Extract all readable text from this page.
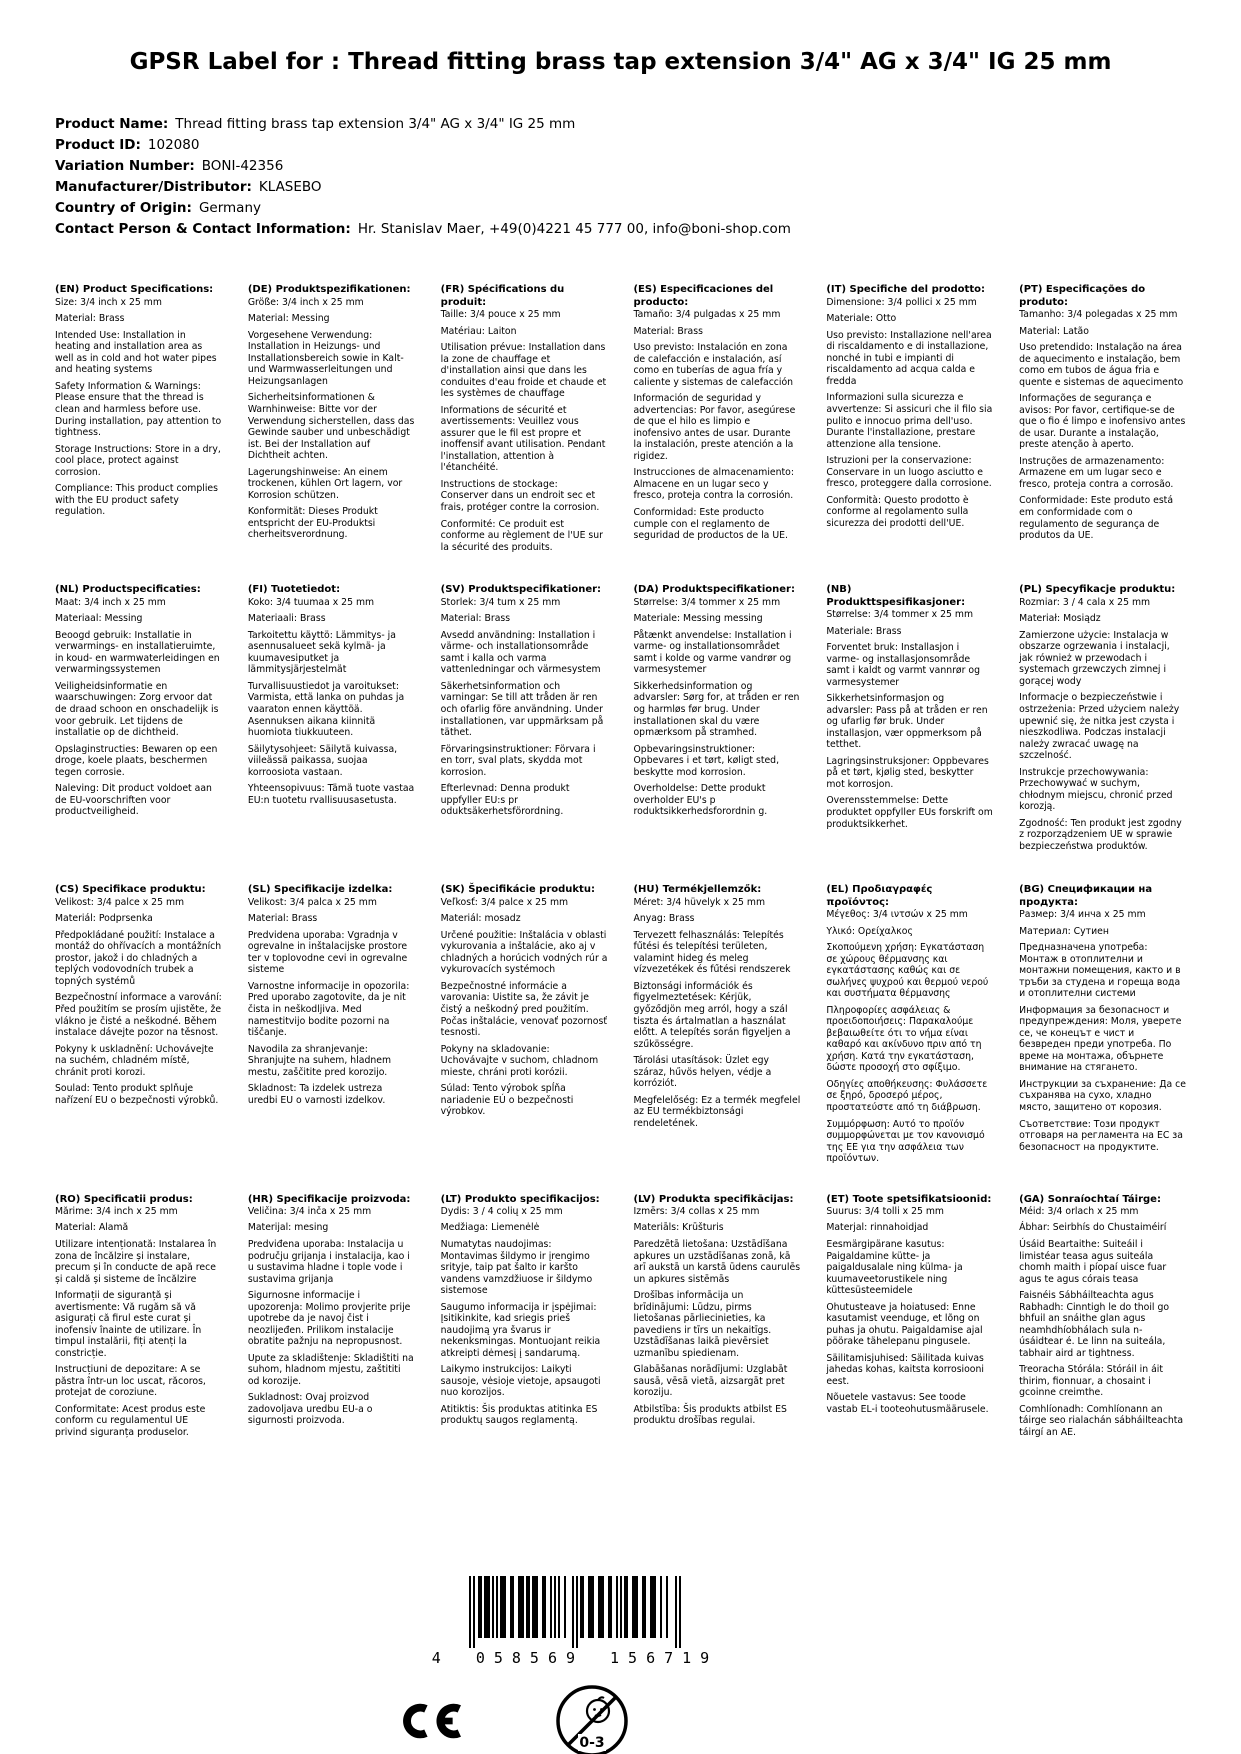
GPSR Label for : Thread fitting brass tap extension 3/4" AG x 3/4" IG 25 mm
Product Name: Thread fitting brass tap extension 3/4" AG x 3/4" IG 25 mm
Product ID: 102080
Variation Number: BONI-42356
Manufacturer/Distributor: KLASEBO
Country of Origin: Germany
Contact Person & Contact Information: Hr. Stanislav Maer, +49(0)4221 45 777 00, info@boni-shop.com
(EN) Product Specifications:

Size: 3/4 inch x 25 mm

Material: Brass

Intended Use: Installation in heating and installation area as well as in cold and hot water pipes and heating systems

Safety Information & Warnings: Please ensure that the thread is clean and harmless before use. During installation, pay attention to tightness.

Storage Instructions: Store in a dry, cool place, protect against corrosion.

Compliance: This product complies with the EU product safety regulation.

(DE) Produktspezifikationen:

Größe: 3/4 inch x 25 mm

Material: Messing

Vorgesehene Verwendung: Installation in Heizungs- und Installationsbereich sowie in Kalt- und Warmwasserleitungen und Heizungsanlagen

Sicherheitsinformationen & Warnhinweise: Bitte vor der Verwendung sicherstellen, dass das Gewinde sauber und unbeschädigt ist. Bei der Installation auf Dichtheit achten.

Lagerungshinweise: An einem trockenen, kühlen Ort lagern, vor Korrosion schützen.

Konformität: Dieses Produkt entspricht der EU-Produktsi cherheitsverordnung.

(FR) Spécifications du produit:

Taille: 3/4 pouce x 25 mm

Matériau: Laiton

Utilisation prévue: Installation dans la zone de chauffage et d'installation ainsi que dans les conduites d'eau froide et chaude et les systèmes de chauffage

Informations de sécurité et avertissements: Veuillez vous assurer que le fil est propre et inoffensif avant utilisation. Pendant l'installation, attention à l'étanchéité.

Instructions de stockage: Conserver dans un endroit sec et frais, protéger contre la corrosion.

Conformité: Ce produit est conforme au règlement de l'UE sur la sécurité des produits.

(ES) Especificaciones del producto:

Tamaño: 3/4 pulgadas x 25 mm

Material: Brass

Uso previsto: Instalación en zona de calefacción e instalación, así como en tuberías de agua fría y caliente y sistemas de calefacción

Información de seguridad y advertencias: Por favor, asegúrese de que el hilo es limpio e inofensivo antes de usar. Durante la instalación, preste atención a la rigidez.

Instrucciones de almacenamiento: Almacene en un lugar seco y fresco, proteja contra la corrosión.

Conformidad: Este producto cumple con el reglamento de seguridad de productos de la UE.

(IT) Specifiche del prodotto:

Dimensione: 3/4 pollici x 25 mm

Materiale: Otto

Uso previsto: Installazione nell'area di riscaldamento e di installazione, nonché in tubi e impianti di riscaldamento ad acqua calda e fredda

Informazioni sulla sicurezza e avvertenze: Si assicuri che il filo sia pulito e innocuo prima dell'uso. Durante l'installazione, prestare attenzione alla tensione.

Istruzioni per la conservazione: Conservare in un luogo asciutto e fresco, proteggere dalla corrosione.

Conformità: Questo prodotto è conforme al regolamento sulla sicurezza dei prodotti dell'UE.

(PT) Especificações do produto:

Tamanho: 3/4 polegadas x 25 mm

Material: Latão

Uso pretendido: Instalação na área de aquecimento e instalação, bem como em tubos de água fria e quente e sistemas de aquecimento

Informações de segurança e avisos: Por favor, certifique-se de que o fio é limpo e inofensivo antes de usar. Durante a instalação, preste atenção à aperto.

Instruções de armazenamento: Armazene em um lugar seco e fresco, proteja contra a corrosão.

Conformidade: Este produto está em conformidade com o regulamento de segurança de produtos da UE.

(NL) Productspecificaties:

Maat: 3/4 inch x 25 mm

Materiaal: Messing

Beoogd gebruik: Installatie in verwarmings- en installatieruimte, in koud- en warmwaterleidingen en verwarmingssystemen

Veiligheidsinformatie en waarschuwingen: Zorg ervoor dat de draad schoon en onschadelijk is voor gebruik. Let tijdens de installatie op de dichtheid.

Opslaginstructies: Bewaren op een droge, koele plaats, beschermen tegen corrosie.

Naleving: Dit product voldoet aan de EU-voorschriften voor productveiligheid.

(FI) Tuotetiedot:

Koko: 3/4 tuumaa x 25 mm

Materiaali: Brass

Tarkoitettu käyttö: Lämmitys- ja asennusalueet sekä kylmä- ja kuumavesiputket ja lämmitysjärjestelmät

Turvallisuustiedot ja varoitukset: Varmista, että lanka on puhdas ja vaaraton ennen käyttöä. Asennuksen aikana kiinnitä huomiota tiukkuuteen.

Säilytysohjeet: Säilytä kuivassa, viileässä paikassa, suojaa korroosiota vastaan.

Yhteensopivuus: Tämä tuote vastaa EU:n tuotetu rvallisuusasetusta.

(SV) Produktspecifikationer:

Storlek: 3/4 tum x 25 mm

Material: Brass

Avsedd användning: Installation i värme- och installationsområde samt i kalla och varma vattenledningar och värmesystem

Säkerhetsinformation och varningar: Se till att tråden är ren och ofarlig före användning. Under installationen, var uppmärksam på täthet.

Förvaringsinstruktioner: Förvara i en torr, sval plats, skydda mot korrosion.

Efterlevnad: Denna produkt uppfyller EU:s pr oduktsäkerhetsförordning.

(DA) Produktspecifikationer:

Størrelse: 3/4 tommer x 25 mm

Materiale: Messing messing

Påtænkt anvendelse: Installation i varme- og installationsområdet samt i kolde og varme vandrør og varmesystemer

Sikkerhedsinformation og advarsler: Sørg for, at tråden er ren og harmløs før brug. Under installationen skal du være opmærksom på stramhed.

Opbevaringsinstruktioner: Opbevares i et tørt, køligt sted, beskytte mod korrosion.

Overholdelse: Dette produkt overholder EU's p roduktsikkerhedsforordnin g.

(NB) Produkttspesifikasjoner:

Størrelse: 3/4 tommer x 25 mm

Materiale: Brass

Forventet bruk: Installasjon i varme- og installasjonsområde samt i kaldt og varmt vannrør og varmesystemer

Sikkerhetsinformasjon og advarsler: Pass på at tråden er ren og ufarlig før bruk. Under installasjon, vær oppmerksom på tetthet.

Lagringsinstruksjoner: Oppbevares på et tørt, kjølig sted, beskytter mot korrosjon.

Overensstemmelse: Dette produktet oppfyller EUs forskrift om produktsikkerhet.

(PL) Specyfikacje produktu:

Rozmiar: 3 / 4 cala x 25 mm

Materiał: Mosiądz

Zamierzone użycie: Instalacja w obszarze ogrzewania i instalacji, jak również w przewodach i systemach grzewczych zimnej i gorącej wody

Informacje o bezpieczeństwie i ostrzeżenia: Przed użyciem należy upewnić się, że nitka jest czysta i nieszkodliwa. Podczas instalacji należy zwracać uwagę na szczelność.

Instrukcje przechowywania: Przechowywać w suchym, chłodnym miejscu, chronić przed korozją.

Zgodność: Ten produkt jest zgodny z rozporządzeniem UE w sprawie bezpieczeństwa produktów.

(CS) Specifikace produktu:

Velikost: 3/4 palce x 25 mm

Materiál: Podprsenka

Předpokládané použití: Instalace a montáž do ohřívacích a montážních prostor, jakož i do chladných a teplých vodovodních trubek a topných systémů

Bezpečnostní informace a varování: Před použitím se prosím ujistěte, že vlákno je čisté a neškodné. Během instalace dávejte pozor na těsnost.

Pokyny k uskladnění: Uchovávejte na suchém, chladném místě, chránit proti korozi.

Soulad: Tento produkt splňuje nařízení EU o bezpečnosti výrobků.

(SL) Specifikacije izdelka:

Velikost: 3/4 palca x 25 mm

Material: Brass

Predvidena uporaba: Vgradnja v ogrevalne in inštalacijske prostore ter v toplovodne cevi in ogrevalne sisteme

Varnostne informacije in opozorila: Pred uporabo zagotovite, da je nit čista in neškodljiva. Med namestitvijo bodite pozorni na tiščanje.

Navodila za shranjevanje: Shranjujte na suhem, hladnem mestu, zaščitite pred korozijo.

Skladnost: Ta izdelek ustreza uredbi EU o varnosti izdelkov.

(SK) Špecifikácie produktu:

Veľkosť: 3/4 palce x 25 mm

Materiál: mosadz

Určené použitie: Inštalácia v oblasti vykurovania a inštalácie, ako aj v chladných a horúcich vodných rúr a vykurovacích systémoch

Bezpečnostné informácie a varovania: Uistite sa, že závit je čistý a neškodný pred použitím. Počas inštalácie, venovať pozornosť tesnosti.

Pokyny na skladovanie: Uchovávajte v suchom, chladnom mieste, chráni proti korózii.

Súlad: Tento výrobok spĺňa nariadenie EÚ o bezpečnosti výrobkov.

(HU) Termékjellemzők:

Méret: 3/4 hüvelyk x 25 mm

Anyag: Brass

Tervezett felhasználás: Telepítés fűtési és telepítési területen, valamint hideg és meleg vízvezetékek és fűtési rendszerek

Biztonsági információk és figyelmeztetések: Kérjük, győződjön meg arról, hogy a szál tiszta és ártalmatlan a használat előtt. A telepítés során figyeljen a szűkösségre.

Tárolási utasítások: Üzlet egy száraz, hűvös helyen, védje a korróziót.

Megfelelőség: Ez a termék megfelel az EU termékbiztonsági rendeletének.

(EL) Προδιαγραφές προϊόντος:

Μέγεθος: 3/4 ιντσών x 25 mm

Υλικό: Ορείχαλκος

Σκοπούμενη χρήση: Εγκατάσταση σε χώρους θέρμανσης και εγκατάστασης καθώς και σε σωλήνες ψυχρού και θερμού νερού και συστήματα θέρμανσης

Πληροφορίες ασφάλειας & προειδοποιήσεις: Παρακαλούμε βεβαιωθείτε ότι το νήμα είναι καθαρό και ακίνδυνο πριν από τη χρήση. Κατά την εγκατάσταση, δώστε προσοχή στο σφίξιμο.

Οδηγίες αποθήκευσης: Φυλάσσετε σε ξηρό, δροσερό μέρος, προστατεύστε από τη διάβρωση.

Συμμόρφωση: Αυτό το προϊόν συμμορφώνεται με τον κανονισμό της ΕΕ για την ασφάλεια των προϊόντων.

(BG) Спецификации на продукта:

Размер: 3/4 инча x 25 mm

Материал: Сутиен

Предназначена употреба: Монтаж в отоплителни и монтажни помещения, както и в тръби за студена и гореща вода и отоплителни системи

Информация за безопасност и предупреждения: Моля, уверете се, че конецът е чист и безвреден преди употреба. По време на монтажа, обърнете внимание на стягането.

Инструкции за съхранение: Да се съхранява на сухо, хладно място, защитено от корозия.

Съответствие: Този продукт отговаря на регламента на ЕС за безопасност на продуктите.

(RO) Specificatii produs:

Mărime: 3/4 inch x 25 mm

Material: Alamă

Utilizare intenționată: Instalarea în zona de încălzire și instalare, precum și în conducte de apă rece și caldă și sisteme de încălzire

Informații de siguranță și avertismente: Vă rugăm să vă asigurați că firul este curat și inofensiv înainte de utilizare. În timpul instalării, fiți atenți la constricție.

Instrucțiuni de depozitare: A se păstra într-un loc uscat, răcoros, protejat de coroziune.

Conformitate: Acest produs este conform cu regulamentul UE privind siguranța produselor.

(HR) Specifikacije proizvoda:

Veličina: 3/4 inča x 25 mm

Materijal: mesing

Predviđena uporaba: Instalacija u području grijanja i instalacija, kao i u sustavima hladne i tople vode i sustavima grijanja

Sigurnosne informacije i upozorenja: Molimo provjerite prije upotrebe da je navoj čist i neozlijeđen. Prilikom instalacije obratite pažnju na nepropusnost.

Upute za skladištenje: Skladištiti na suhom, hladnom mjestu, zaštititi od korozije.

Sukladnost: Ovaj proizvod zadovoljava uredbu EU-a o sigurnosti proizvoda.

(LT) Produkto specifikacijos:

Dydis: 3 / 4 colių x 25 mm

Medžiaga: Liemenėlė

Numatytas naudojimas: Montavimas šildymo ir įrengimo srityje, taip pat šalto ir karšto vandens vamzdžiuose ir šildymo sistemose

Saugumo informacija ir įspėjimai: Įsitikinkite, kad sriegis prieš naudojimą yra švarus ir nekenksmingas. Montuojant reikia atkreipti dėmesį į sandarumą.

Laikymo instrukcijos: Laikyti sausoje, vėsioje vietoje, apsaugoti nuo korozijos.

Atitiktis: Šis produktas atitinka ES produktų saugos reglamentą.

(LV) Produkta specifikācijas:

Izmērs: 3/4 collas x 25 mm

Materiāls: Krūšturis

Paredzētā lietošana: Uzstādīšana apkures un uzstādīšanas zonā, kā arī aukstā un karstā ūdens caurulēs un apkures sistēmās

Drošības informācija un brīdinājumi: Lūdzu, pirms lietošanas pārliecinieties, ka pavediens ir tīrs un nekaitīgs. Uzstādīšanas laikā pievērsiet uzmanību spiedienam.

Glabāšanas norādījumi: Uzglabāt sausā, vēsā vietā, aizsargāt pret koroziju.

Atbilstība: Šis produkts atbilst ES produktu drošības regulai.

(ET) Toote spetsifikatsioonid:

Suurus: 3/4 tolli x 25 mm

Materjal: rinnahoidjad

Eesmärgipärane kasutus: Paigaldamine kütte- ja paigaldusalale ning külma- ja kuumaveetorustikele ning küttesüsteemidele

Ohutusteave ja hoiatused: Enne kasutamist veenduge, et lõng on puhas ja ohutu. Paigaldamise ajal pöörake tähelepanu pingusele.

Säilitamisjuhised: Säilitada kuivas jahedas kohas, kaitsta korrosiooni eest.

Nõuetele vastavus: See toode vastab EL-i tooteohutusmäärusele.

(GA) Sonraíochtaí Táirge:

Méid: 3/4 orlach x 25 mm

Ábhar: Seirbhís do Chustaiméirí

Úsáid Beartaithe: Suiteáil i limistéar teasa agus suiteála chomh maith i píopaí uisce fuar agus te agus córais teasa

Faisnéis Sábháilteachta agus Rabhadh: Cinntigh le do thoil go bhfuil an snáithe glan agus neamhdhíobhálach sula n-úsáidtear é. Le linn na suiteála, tabhair aird ar tightness.

Treoracha Stórála: Stóráil in áit thirim, fionnuar, a chosaint i gcoinne creimthe.

Comhlíonadh: Comhlíonann an táirge seo rialachán sábháilteachta táirgí an AE.

4 058569 156719
0-3
